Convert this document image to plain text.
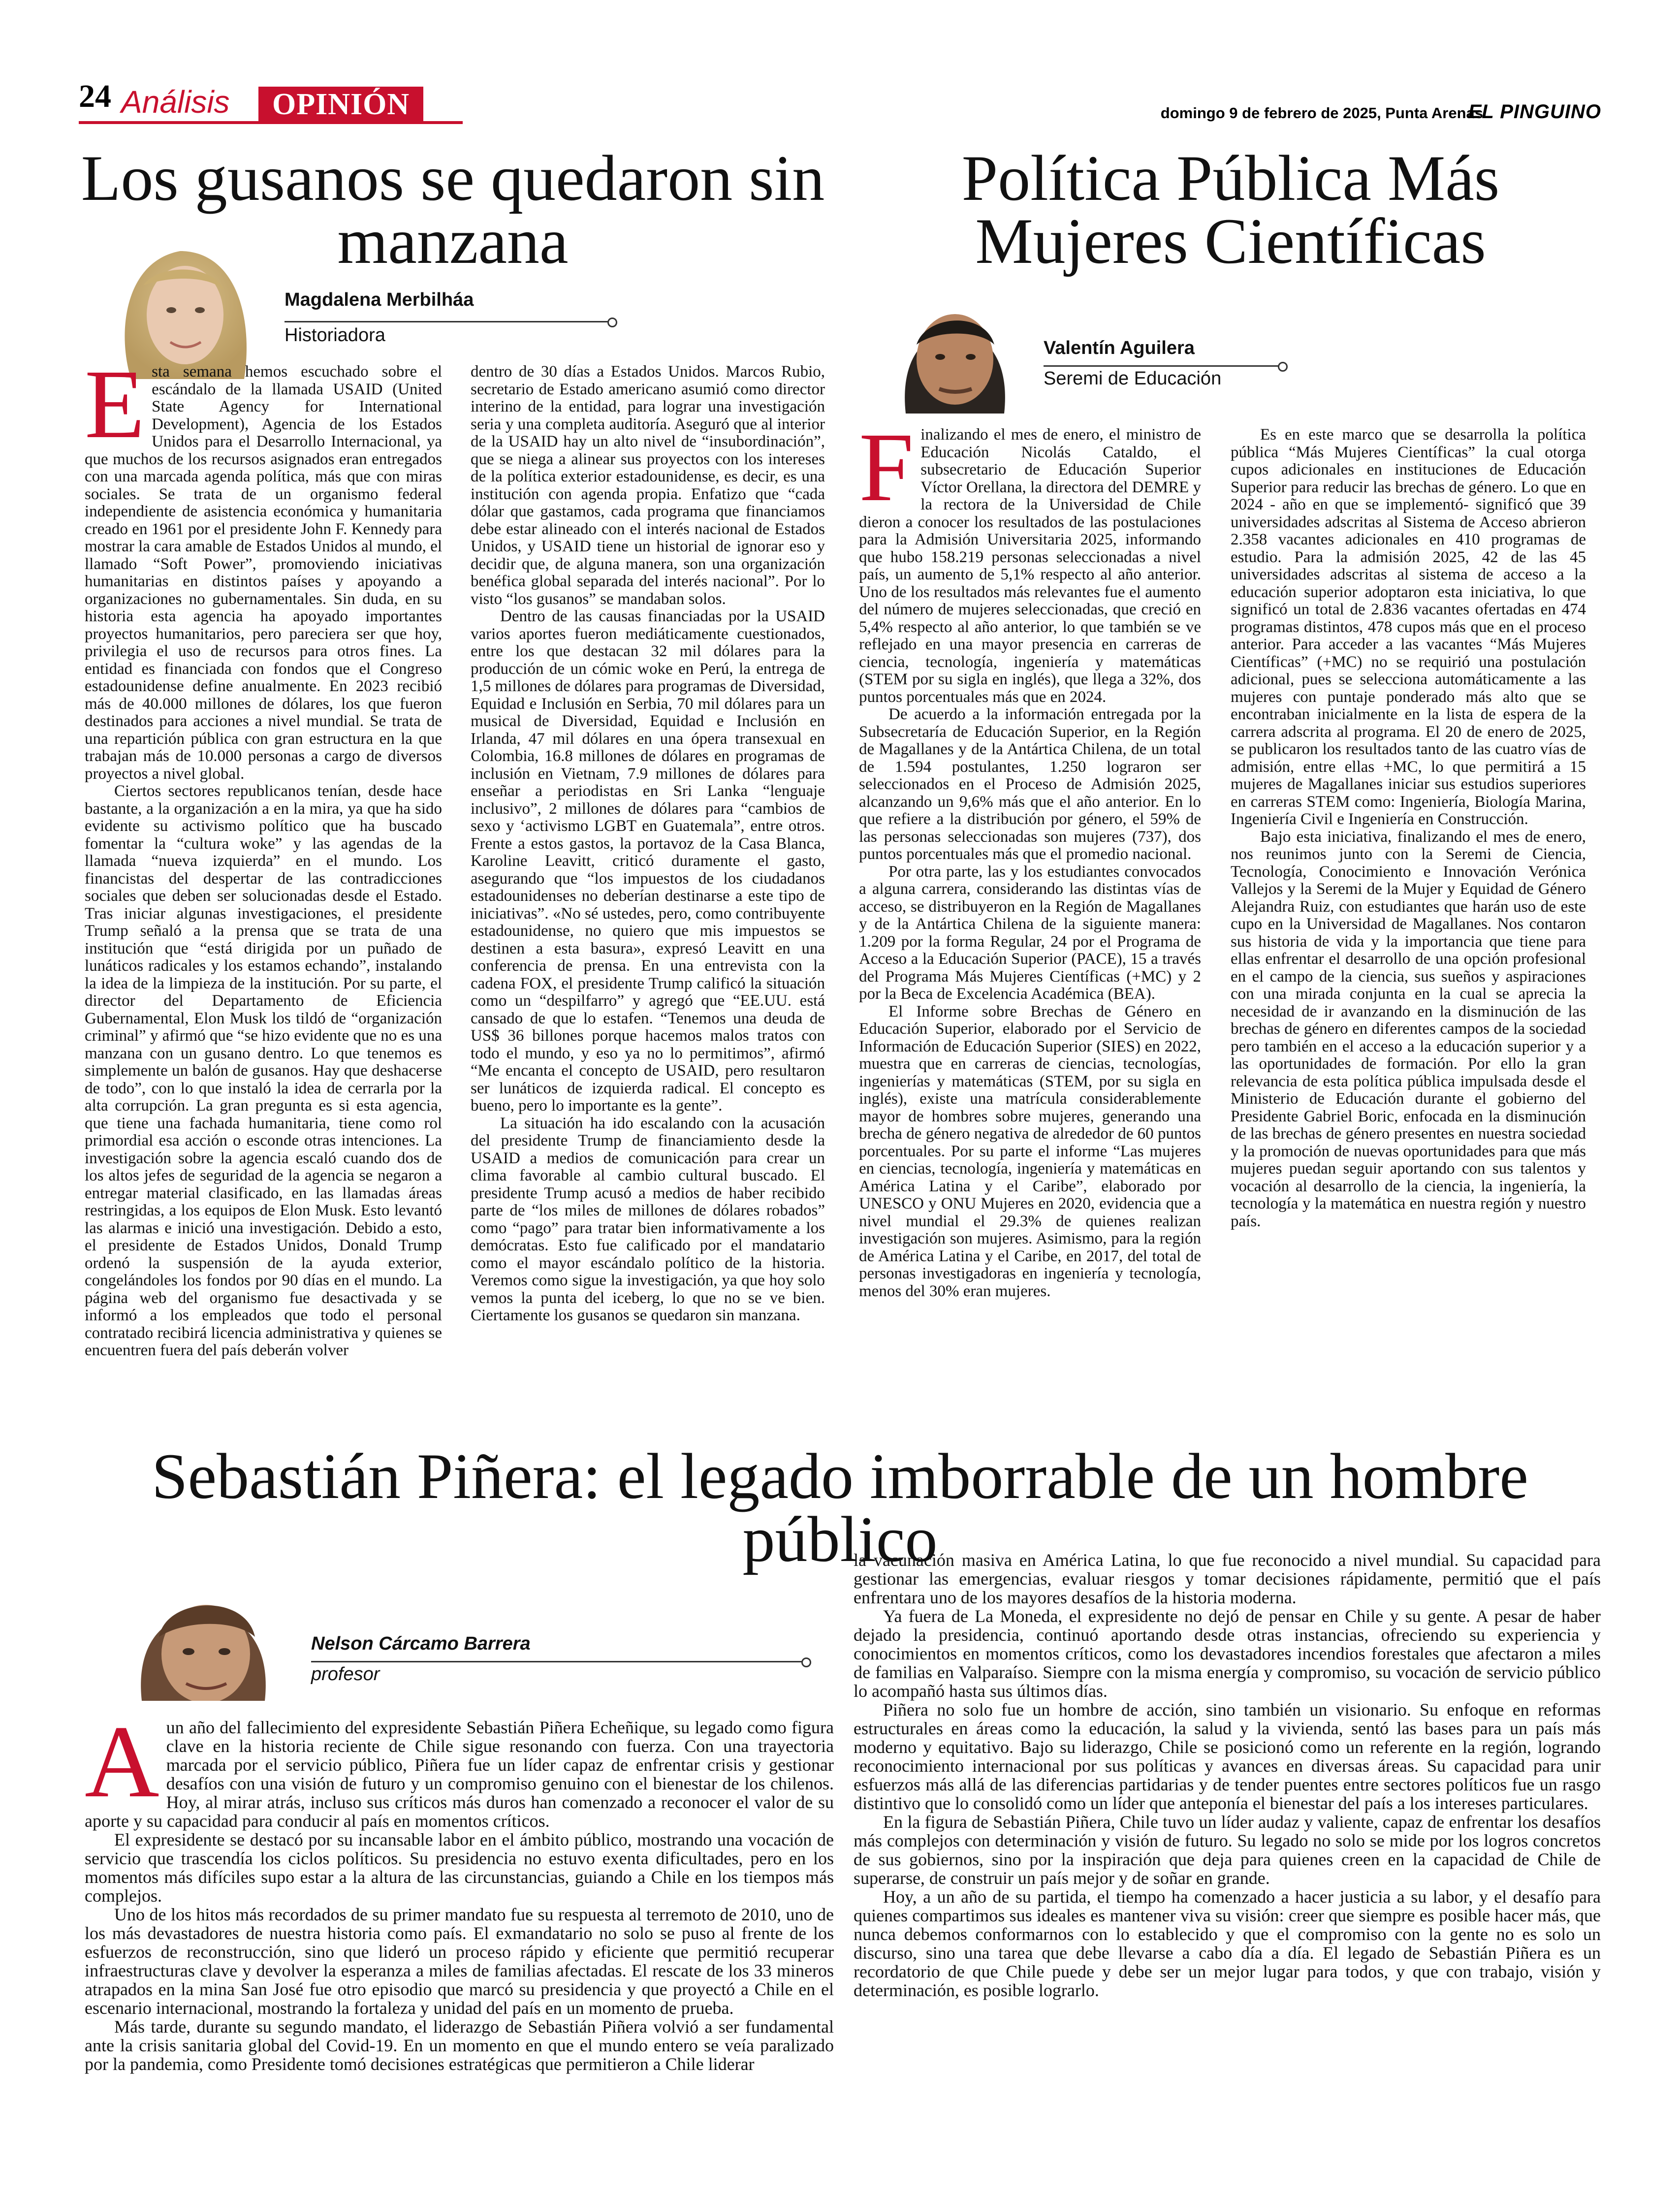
24 Análisis	OPINIÓN	domingo 9 de febrero de 2025, Punta Arenas
EL PINGUINO
Los gusanos se quedaron sin manzana
Magdalena Merbilháa
Historiadora
E sta semana hemos escuchado sobre el escándalo de la llamada USAID (United State Agency for International Development), Agencia de los Estados Unidos para el Desarrollo Internacional, ya que muchos de los recursos asignados eran entregados con una marcada agenda política, más que con miras sociales. Se trata de un organismo federal independiente de asistencia económica y humanitaria creado en 1961 por el presidente John F. Kennedy para mostrar la cara amable de Estados Unidos al mundo, el llamado “Soft Power”, promoviendo iniciativas humanitarias en distintos países y apoyando a organizaciones no gubernamentales. Sin duda, en su historia esta agencia ha apoyado importantes proyectos humanitarios, pero pareciera ser que hoy, privilegia el uso de recursos para otros fines. La entidad es financiada con fondos que el Congreso estadounidense define anualmente. En 2023 recibió más de 40.000 millones de dólares, los que fueron destinados para acciones a nivel mundial. Se trata de una repartición pública con gran estructura en la que trabajan más de 10.000 personas a cargo de diversos proyectos a nivel global.

Ciertos sectores republicanos tenían, desde hace bastante, a la organización a en la mira, ya que ha sido evidente su activismo político que ha buscado fomentar la “cultura woke” y las agendas de la llamada “nueva izquierda” en el mundo. Los financistas del despertar de las contradicciones sociales que deben ser solucionadas desde el Estado. Tras iniciar algunas investigaciones, el presidente Trump señaló a la prensa que se trata de una institución que “está dirigida por un puñado de lunáticos radicales y los estamos echando”, instalando la idea de la limpieza de la institución. Por su parte, el director del Departamento de Eficiencia Gubernamental, Elon Musk los tildó de “organización criminal” y afirmó que “se hizo evidente que no es una manzana con un gusano dentro. Lo que tenemos es simplemente un balón de gusanos. Hay que deshacerse de todo”, con lo que instaló la idea de cerrarla por la alta corrupción. La gran pregunta es si esta agencia, que tiene una fachada humanitaria, tiene como rol primordial esa acción o esconde otras intenciones. La investigación sobre la agencia escaló cuando dos de los altos jefes de seguridad de la agencia se negaron a entregar material clasificado, en las llamadas áreas restringidas, a los equipos de Elon Musk. Esto levantó las alarmas e inició una investigación. Debido a esto, el presidente de Estados Unidos, Donald Trump ordenó la suspensión de la ayuda exterior, congelándoles los fondos por 90 días en el mundo. La página web del organismo fue desactivada y se informó a los empleados que todo el personal contratado recibirá licencia administrativa y quienes se encuentren fuera del país deberán volver

dentro de 30 días a Estados Unidos. Marcos Rubio, secretario de Estado americano asumió como director interino de la entidad, para lograr una investigación seria y una completa auditoría. Aseguró que al interior de la USAID hay un alto nivel de “insubordinación”, que se niega a alinear sus proyectos con los intereses de la política exterior estadounidense, es decir, es una institución con agenda propia. Enfatizo que “cada dólar que gastamos, cada programa que financiamos debe estar alineado con el interés nacional de Estados Unidos, y USAID tiene un historial de ignorar eso y decidir que, de alguna manera, son una organización benéfica global separada del interés nacional”. Por lo visto “los gusanos” se mandaban solos.

Dentro de las causas financiadas por la USAID varios aportes fueron mediáticamente cuestionados, entre los que destacan 32 mil dólares para la producción de un cómic woke en Perú, la entrega de 1,5 millones de dólares para programas de Diversidad, Equidad e Inclusión en Serbia, 70 mil dólares para un musical de Diversidad, Equidad e Inclusión en Irlanda, 47 mil dólares en una ópera transexual en Colombia, 16.8 millones de dólares en programas de inclusión en Vietnam, 7.9 millones de dólares para enseñar a periodistas en Sri Lanka “lenguaje inclusivo”, 2 millones de dólares para “cambios de sexo y ‘activismo LGBT en Guatemala”, entre otros. Frente a estos gastos, la portavoz de la Casa Blanca, Karoline Leavitt, criticó duramente el gasto, asegurando que “los impuestos de los ciudadanos estadounidenses no deberían destinarse a este tipo de iniciativas”. «No sé ustedes, pero, como contribuyente estadounidense, no quiero que mis impuestos se destinen a esta basura», expresó Leavitt en una conferencia de prensa. En una entrevista con la cadena FOX, el presidente Trump calificó la situación como un “despilfarro” y agregó que “EE.UU. está cansado de que lo estafen. “Tenemos una deuda de US$ 36 billones porque hacemos malos tratos con todo el mundo, y eso ya no lo permitimos”, afirmó “Me encanta el concepto de USAID, pero resultaron ser lunáticos de izquierda radical. El concepto es bueno, pero lo importante es la gente”.

La situación ha ido escalando con la acusación del presidente Trump de financiamiento desde la USAID a medios de comunicación para crear un clima favorable al cambio cultural buscado. El presidente Trump acusó a medios de haber recibido parte de “los miles de millones de dólares robados” como “pago” para tratar bien informativamente a los demócratas. Esto fue calificado por el mandatario como el mayor escándalo político de la historia. Veremos como sigue la investigación, ya que hoy solo vemos la punta del iceberg, lo que no se ve bien. Ciertamente los gusanos se quedaron sin manzana.

Política Pública Más Mujeres Científicas
Valentín Aguilera
Seremi de Educación
F inalizando el mes de enero, el ministro de Educación Nicolás Cataldo, el subsecretario de Educación Superior Víctor Orellana, la directora del DEMRE y la rectora de la Universidad de Chile dieron a conocer los resultados de las postulaciones para la Admisión Universitaria 2025, informando que hubo 158.219 personas seleccionadas a nivel país, un aumento de 5,1% respecto al año anterior. Uno de los resultados más relevantes fue el aumento del número de mujeres seleccionadas, que creció en 5,4% respecto al año anterior, lo que también se ve reflejado en una mayor presencia en carreras de ciencia, tecnología, ingeniería y matemáticas (STEM por su sigla en inglés), que llega a 32%, dos puntos porcentuales más que en 2024.

De acuerdo a la información entregada por la Subsecretaría de Educación Superior, en la Región de Magallanes y de la Antártica Chilena, de un total de 1.594 postulantes, 1.250 lograron ser seleccionados en el Proceso de Admisión 2025, alcanzando un 9,6% más que el año anterior. En lo que refiere a la distribución por género, el 59% de las personas seleccionadas son mujeres (737), dos puntos porcentuales más que el promedio nacional.

Por otra parte, las y los estudiantes convocados a alguna carrera, considerando las distintas vías de acceso, se distribuyeron en la Región de Magallanes y de la Antártica Chilena de la siguiente manera: 1.209 por la forma Regular, 24 por el Programa de Acceso a la Educación Superior (PACE), 15 a través del Programa Más Mujeres Científicas (+MC) y 2 por la Beca de Excelencia Académica (BEA).

El Informe sobre Brechas de Género en Educación Superior, elaborado por el Servicio de Información de Educación Superior (SIES) en 2022, muestra que en carreras de ciencias, tecnologías, ingenierías y matemáticas (STEM, por su sigla en inglés), existe una matrícula considerablemente mayor de hombres sobre mujeres, generando una brecha de género negativa de alrededor de 60 puntos porcentuales. Por su parte el informe “Las mujeres en ciencias, tecnología, ingeniería y matemáticas en América Latina y el Caribe”, elaborado por UNESCO y ONU Mujeres en 2020, evidencia que a nivel mundial el 29.3% de quienes realizan investigación son mujeres. Asimismo, para la región de América Latina y el Caribe, en 2017, del total de personas investigadoras en ingeniería y tecnología, menos del 30% eran mujeres.

Es en este marco que se desarrolla la política pública “Más Mujeres Científicas” la cual otorga cupos adicionales en instituciones de Educación Superior para reducir las brechas de género. Lo que en 2024 - año en que se implementó- significó que 39 universidades adscritas al Sistema de Acceso abrieron 2.358 vacantes adicionales en 410 programas de estudio. Para la admisión 2025, 42 de las 45 universidades adscritas al sistema de acceso a la educación superior adoptaron esta iniciativa, lo que significó un total de 2.836 vacantes ofertadas en 474 programas distintos, 478 cupos más que en el proceso anterior. Para acceder a las vacantes “Más Mujeres Científicas” (+MC) no se requirió una postulación adicional, pues se selecciona automáticamente a las mujeres con puntaje ponderado más alto que se encontraban inicialmente en la lista de espera de la carrera adscrita al programa. El 20 de enero de 2025, se publicaron los resultados tanto de las cuatro vías de admisión, entre ellas +MC, lo que permitirá a 15 mujeres de Magallanes iniciar sus estudios superiores en carreras STEM como: Ingeniería, Biología Marina, Ingeniería Civil e Ingeniería en Construcción.

Bajo esta iniciativa, finalizando el mes de enero, nos reunimos junto con la Seremi de Ciencia, Tecnología, Conocimiento e Innovación Verónica Vallejos y la Seremi de la Mujer y Equidad de Género Alejandra Ruiz, con estudiantes que harán uso de este cupo en la Universidad de Magallanes. Nos contaron sus historia de vida y la importancia que tiene para ellas enfrentar el desarrollo de una opción profesional en el campo de la ciencia, sus sueños y aspiraciones con una mirada conjunta en la cual se aprecia la necesidad de ir avanzando en la disminución de las brechas de género en diferentes campos de la sociedad pero también en el acceso a la educación superior y a las oportunidades de formación. Por ello la gran relevancia de esta política pública impulsada desde el Ministerio de Educación durante el gobierno del Presidente Gabriel Boric, enfocada en la disminución de las brechas de género presentes en nuestra sociedad y la promoción de nuevas oportunidades para que más mujeres puedan seguir aportando con sus talentos y vocación al desarrollo de la ciencia, la ingeniería, la tecnología y la matemática en nuestra región y nuestro país.

Sebastián Piñera: el legado imborrable de un hombre público
Nelson Cárcamo Barrera
profesor
A un año del fallecimiento del expresidente Sebastián Piñera Echeñique, su legado como figura clave en la historia reciente de Chile sigue resonando con fuerza. Con una trayectoria marcada por el servicio público, Piñera fue un líder capaz de enfrentar crisis y gestionar desafíos con una visión de futuro y un compromiso genuino con el bienestar de los chilenos. Hoy, al mirar atrás, incluso sus críticos más duros han comenzado a reconocer el valor de su aporte y su capacidad para conducir al país en momentos críticos.

El expresidente se destacó por su incansable labor en el ámbito público, mostrando una vocación de servicio que trascendía los ciclos políticos. Su presidencia no estuvo exenta dificultades, pero en los momentos más difíciles supo estar a la altura de las circunstancias, guiando a Chile en los tiempos más complejos.

Uno de los hitos más recordados de su primer mandato fue su respuesta al terremoto de 2010, uno de los más devastadores de nuestra historia como país. El exmandatario no solo se puso al frente de los esfuerzos de reconstrucción, sino que lideró un proceso rápido y eficiente que permitió recuperar infraestructuras clave y devolver la esperanza a miles de familias afectadas. El rescate de los 33 mineros atrapados en la mina San José fue otro episodio que marcó su presidencia y que proyectó a Chile en el escenario internacional, mostrando la fortaleza y unidad del país en un momento de prueba.

Más tarde, durante su segundo mandato, el liderazgo de Sebastián Piñera volvió a ser fundamental ante la crisis sanitaria global del Covid-19. En un momento en que el mundo entero se veía paralizado por la pandemia, como Presidente tomó decisiones estratégicas que permitieron a Chile liderar

la vacunación masiva en América Latina, lo que fue reconocido a nivel mundial. Su capacidad para gestionar las emergencias, evaluar riesgos y tomar decisiones rápidamente, permitió que el país enfrentara uno de los mayores desafíos de la historia moderna.

Ya fuera de La Moneda, el expresidente no dejó de pensar en Chile y su gente. A pesar de haber dejado la presidencia, continuó aportando desde otras instancias, ofreciendo su experiencia y conocimientos en momentos críticos, como los devastadores incendios forestales que afectaron a miles de familias en Valparaíso. Siempre con la misma energía y compromiso, su vocación de servicio público lo acompañó hasta sus últimos días.

Piñera no solo fue un hombre de acción, sino también un visionario. Su enfoque en reformas estructurales en áreas como la educación, la salud y la vivienda, sentó las bases para un país más moderno y equitativo. Bajo su liderazgo, Chile se posicionó como un referente en la región, logrando reconocimiento internacional por sus políticas y avances en diversas áreas. Su capacidad para unir esfuerzos más allá de las diferencias partidarias y de tender puentes entre sectores políticos fue un rasgo distintivo que lo consolidó como un líder que anteponía el bienestar del país a los intereses particulares.

En la figura de Sebastián Piñera, Chile tuvo un líder audaz y valiente, capaz de enfrentar los desafíos más complejos con determinación y visión de futuro. Su legado no solo se mide por los logros concretos de sus gobiernos, sino por la inspiración que deja para quienes creen en la capacidad de Chile de superarse, de construir un país mejor y de soñar en grande.

Hoy, a un año de su partida, el tiempo ha comenzado a hacer justicia a su labor, y el desafío para quienes compartimos sus ideales es mantener viva su visión: creer que siempre es posible hacer más, que nunca debemos conformarnos con lo establecido y que el compromiso con la gente no es solo un discurso, sino una tarea que debe llevarse a cabo día a día. El legado de Sebastián Piñera es un recordatorio de que Chile puede y debe ser un mejor lugar para todos, y que con trabajo, visión y determinación, es posible lograrlo.
